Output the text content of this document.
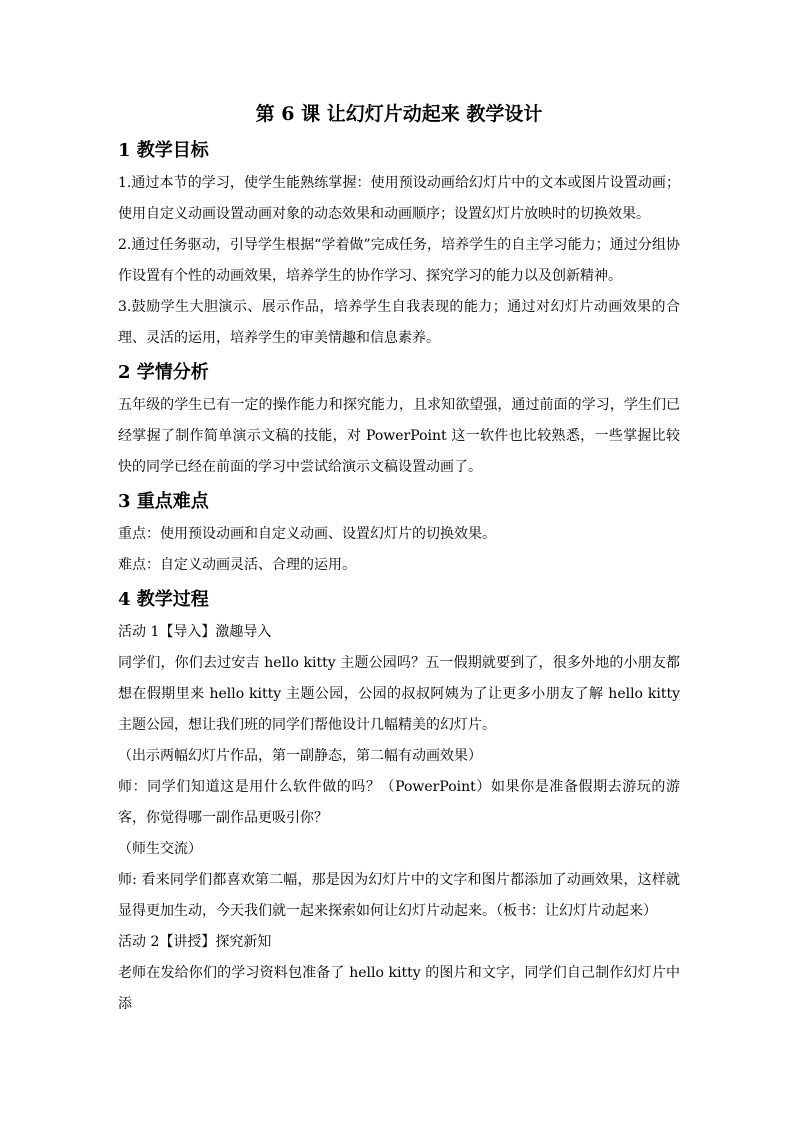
第 6 课 让幻灯片动起来 教学设计
1 教学目标

1.通过本节的学习，使学生能熟练掌握：使用预设动画给幻灯片中的文本或图片设置动画；使用自定义动画设置动画对象的动态效果和动画顺序；设置幻灯片放映时的切换效果。

2.通过任务驱动，引导学生根据“学着做”完成任务，培养学生的自主学习能力；通过分组协作设置有个性的动画效果，培养学生的协作学习、探究学习的能力以及创新精神。

3.鼓励学生大胆演示、展示作品，培养学生自我表现的能力；通过对幻灯片动画效果的合理、灵活的运用，培养学生的审美情趣和信息素养。

2 学情分析

五年级的学生已有一定的操作能力和探究能力，且求知欲望强，通过前面的学习，学生们已经掌握了制作简单演示文稿的技能，对 PowerPoint 这一软件也比较熟悉，一些掌握比较快的同学已经在前面的学习中尝试给演示文稿设置动画了。

3 重点难点

重点：使用预设动画和自定义动画、设置幻灯片的切换效果。

难点：自定义动画灵活、合理的运用。

4 教学过程

活动 1【导入】激趣导入

同学们，你们去过安吉 hello kitty 主题公园吗？五一假期就要到了，很多外地的小朋友都想在假期里来 hello kitty 主题公园，公园的叔叔阿姨为了让更多小朋友了解 hello kitty 主题公园，想让我们班的同学们帮他设计几幅精美的幻灯片。

（出示两幅幻灯片作品，第一副静态，第二幅有动画效果）

师：同学们知道这是用什么软件做的吗？（PowerPoint）如果你是准备假期去游玩的游客，你觉得哪一副作品更吸引你？

（师生交流）

师: 看来同学们都喜欢第二幅，那是因为幻灯片中的文字和图片都添加了动画效果，这样就显得更加生动，今天我们就一起来探索如何让幻灯片动起来。（板书：让幻灯片动起来）

活动 2【讲授】探究新知

老师在发给你们的学习资料包准备了 hello kitty 的图片和文字，同学们自己制作幻灯片中添
